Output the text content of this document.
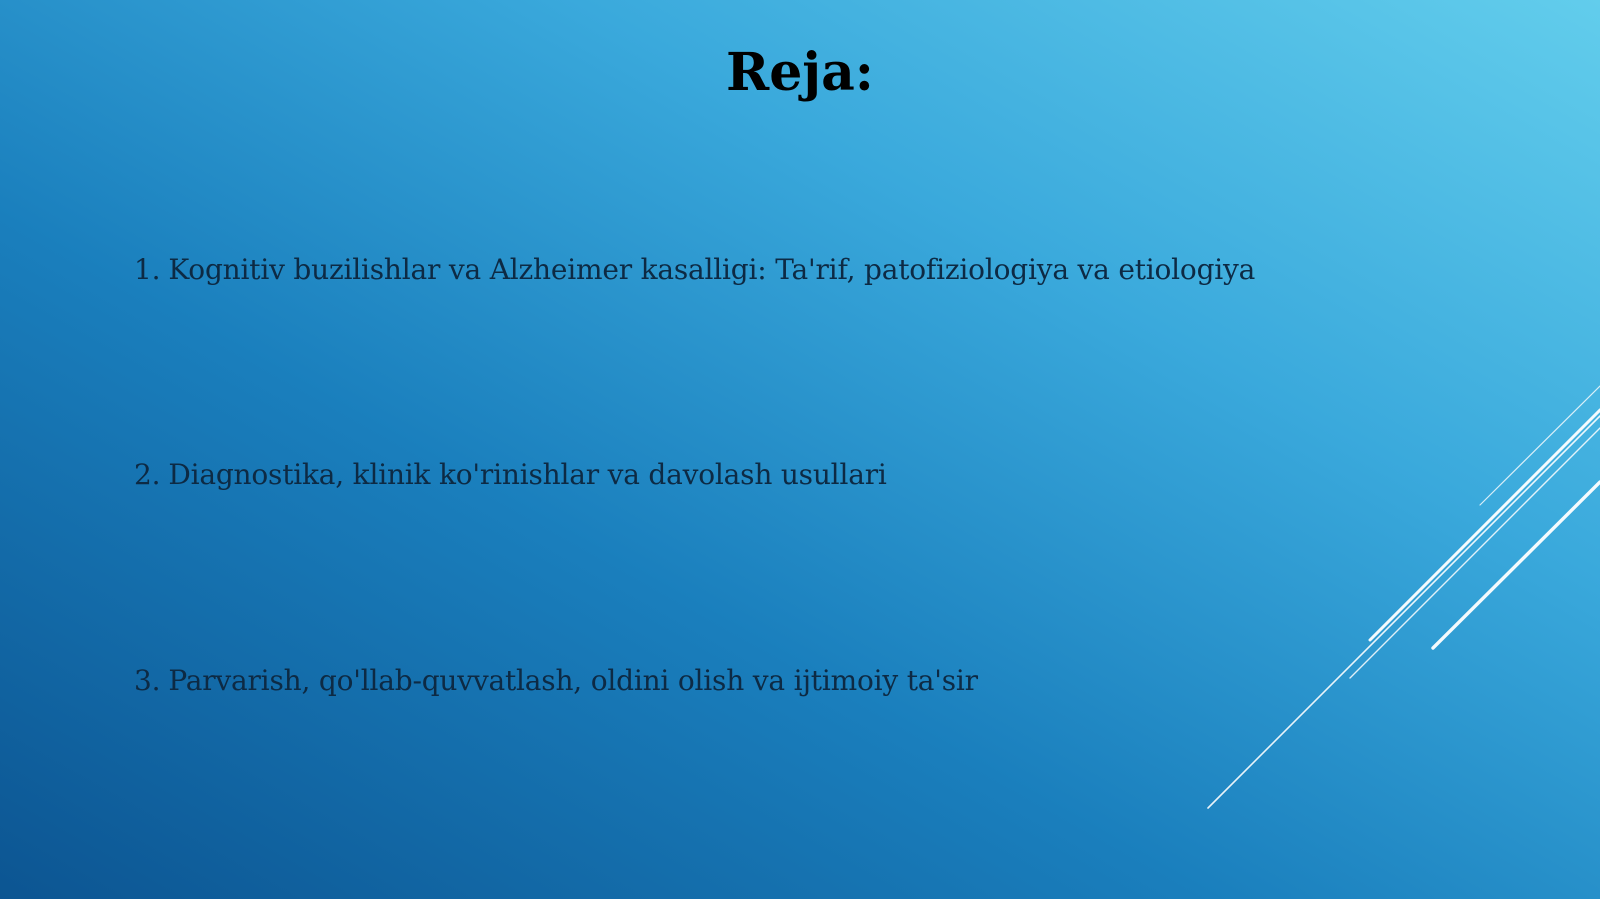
Reja:
1. Kognitiv buzilishlar va Alzheimer kasalligi: Ta'rif, patofiziologiya va etiologiya
2. Diagnostika, klinik ko'rinishlar va davolash usullari
3. Parvarish, qo'llab-quvvatlash, oldini olish va ijtimoiy ta'sir
